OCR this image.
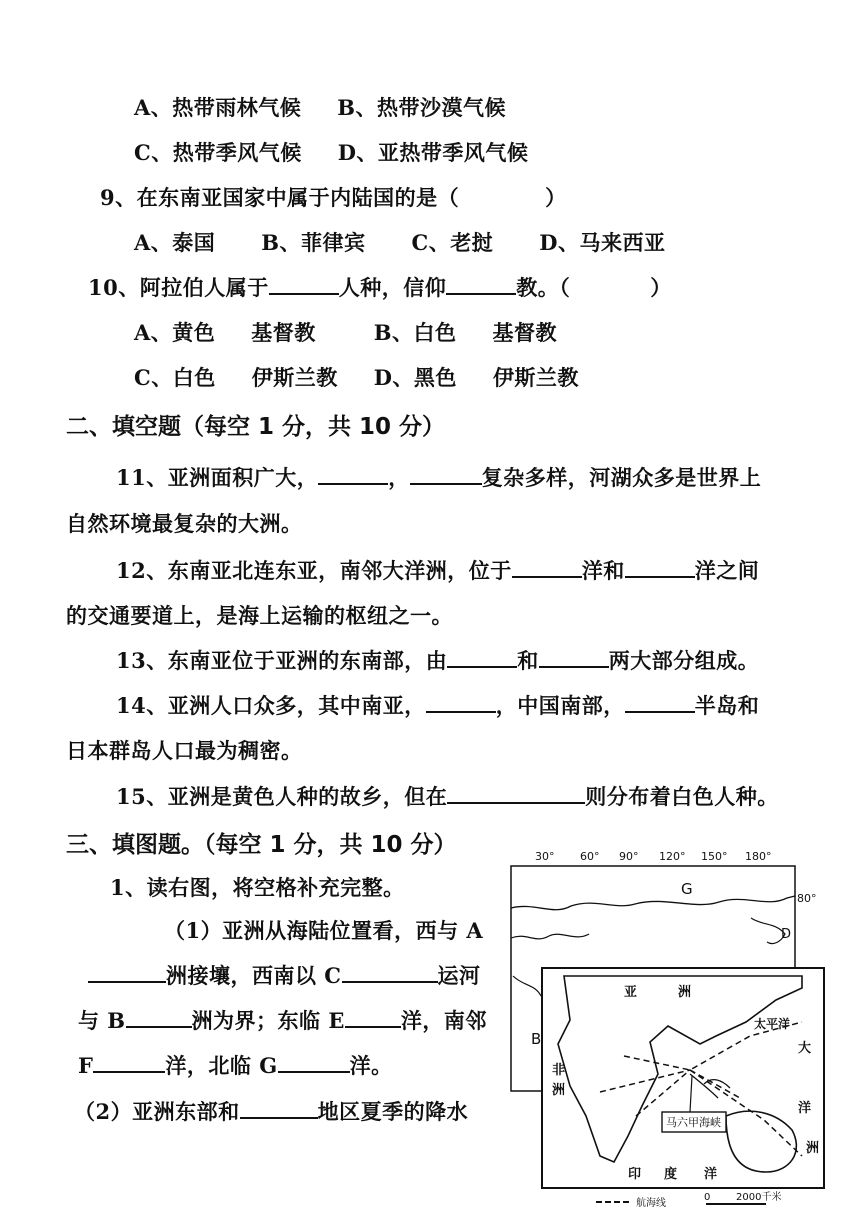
A、热带雨林气候 B、热带沙漠气候
C、热带季风气候 D、亚热带季风气候
9、在东南亚国家中属于内陆国的是（	）
A、泰国 B、菲律宾 C、老挝 D、马来西亚
10、阿拉伯人属于	人种，信仰	教。（	）
A、黄色 基督教	B、白色 基督教
C、白色 伊斯兰教 D、黑色 伊斯兰教
二、填空题（每空 1 分，共 10 分）
11、亚洲面积广大，	，	复杂多样，河湖众多是世界上
自然环境最复杂的大洲。
12、东南亚北连东亚，南邻大洋洲，位于	洋和	洋之间
的交通要道上，是海上运输的枢纽之一。
13、东南亚位于亚洲的东南部，由	和	两大部分组成。
14、亚洲人口众多，其中南亚，	，中国南部，	半岛和
日本群岛人口最为稠密。
15、亚洲是黄色人种的故乡，但在	则分布着白色人种。
三、填图题。（每空 1 分，共 10 分）
1、读右图，将空格补充完整。
（1）亚洲从海陆位置看，西与 A
洲接壤，西南以 C	运河
与 B	洲为界；东临 E	洋，南邻
F	洋，北临 G	洋。
（2）亚洲东部和	地区夏季的降水
30° 60° 90° 120° 150° 180°
80°
G
D
B
亚	洲
非
洲
太平洋
大
洋
洲
印 度 洋
马六甲海峡
航海线
0	2000千米
